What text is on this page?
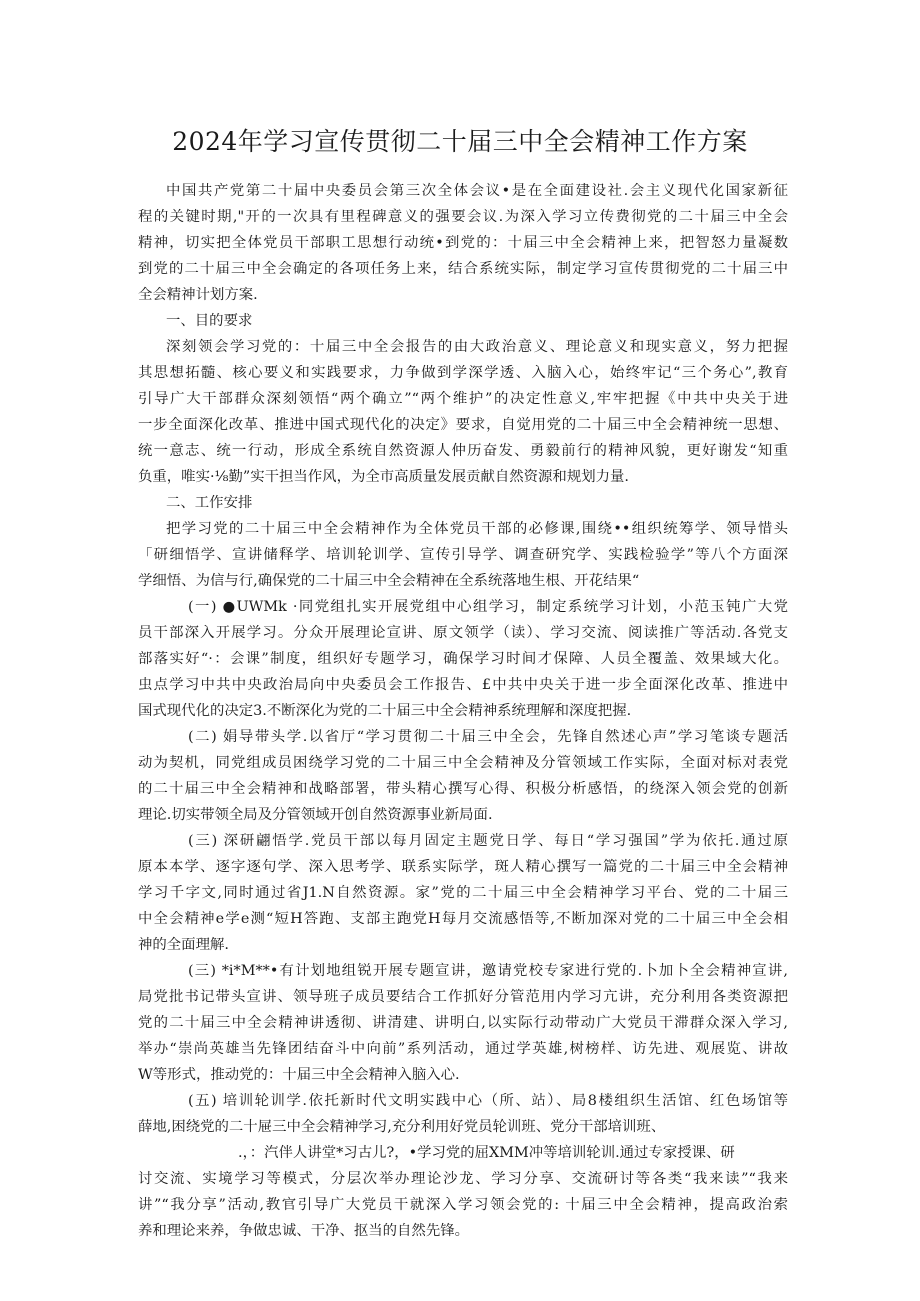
2024年学习宣传贯彻二十届三中全会精神工作方案
中国共产党第二十届中央委员会第三次全体会议•是在全面建设社.会主义现代化国家新征
程的关键时期,"开的一次具有里程碑意义的强要会议.为深入学习立传费彻党的二十届三中全会
精神，切实把全体党员干部职工思想行动统•到党的：十届三中全会精神上来，把智怒力量凝数
到党的二十届三中全会确定的各项任务上来，结合系统实际，制定学习宣传贯彻党的二十届三中
全会精神计划方案.
一、目的要求
深刻领会学习党的：十届三中全会报告的由大政治意义、理论意义和现实意义，努力把握
其思想拓髓、核心要义和实践要求，力争做到学深学透、入脑入心，始终牢记“三个务心”,教育
引导广大干部群众深刻领悟“两个确立”“两个维护”的决定性意义,牢牢把握《中共中央关于进
一步全面深化改革、推进中国式现代化的决定》要求，自觉用党的二十届三中全会精神统一思想、
统一意志、统一行动，形成全系统自然资源人仲历奋发、勇毅前行的精神风貌，更好谢发“知重
负重，唯实·⅛勤”实干担当作风，为全市高质量发展贡献自然资源和规划力量.
二、工作安排
把学习党的二十届三中全会精神作为全体党员干部的必修课,围绕••组织统筹学、领导惜头
「研细悟学、宣讲储释学、培训轮训学、宣传引导学、调查研究学、实践检验学”等八个方面深
学细悟、为信与行,确保党的二十届三中全会精神在全系统落地生根、开花结果“
(一) ●UWMk ·同党组扎实开展党组中心组学习，制定系统学习计划，小范玉钝广大党
员干部深入开展学习。分众开展理论宣讲、原文领学（读）、学习交流、阅读推广等活动.各党支
部落实好“·：会课”制度，组织好专题学习，确保学习时间才保障、人员全覆盖、效果域大化。
虫点学习中共中央政治局向中央委员会工作报告、£中共中央关于进一步全面深化改革、推进中
国式现代化的决定3.不断深化为党的二十届三中全会精神系统理解和深度把握.
(二) 娟导带头学.以省厅“学习贯彻二十届三中全会，先锋自然述心声”学习笔谈专题活
动为契机，同党组成员困绕学习党的二十届三中全会精神及分管领域工作实际，全面对标对表党
的二十届三中全会精神和战略部署，带头精心撰写心得、积极分析感悟，的绕深入领会党的创新
理论.切实带领全局及分管领域开创自然资源事业新局面.
(三) 深研翩悟学.党员干部以每月固定主题党日学、每日“学习强国”学为依托.通过原
原本本学、逐字逐句学、深入思考学、联系实际学，斑人精心撰写一篇党的二十届三中全会精神
学习千字文,同时通过省J1.N自然资源。家”党的二十届三中全会精神学习平台、党的二十届三
中全会精神e学e测“短H答跑、支部主跑党H每月交流感悟等,不断加深对党的二十届三中全会相
神的全面理解.
(三) *i*M**•有计划地组锐开展专题宣讲，邀请党校专家进行党的.卜加卜全会精神宣讲,
局党批书记带头宣讲、领导班子成员要结合工作抓好分管范用内学习亢讲，充分利用各类资源把
党的二十届三中全会精神讲透彻、讲清建、讲明白,以实际行动带动广大党员干滞群众深入学习,
举办“崇尚英雄当先锋团结奋斗中向前”系列活动，通过学英雄,树榜样、访先进、观展览、讲故
W等形式，推动党的：十届三中全会精神入脑入心.
(五) 培训轮训学.依托新时代文明实践中心（所、站）、局8楼组织生活馆、红色场馆等
薛地,困绕党的二十屉三中全会精神学习,充分利用好党员轮训班、党分干部培训班、
.，：汽伴人讲堂*习古儿?，•学习党的屈XMM冲等培训轮训.通过专家授课、研
讨交流、实境学习等模式，分层次举办理论沙龙、学习分享、交流研讨等各类“我来读”“我来
讲”“我分享”活动,教官引导广大党员干就深入学习领会党的: 十届三中全会精神，提高政治索
养和理论来养，争做忠诚、干净、抠当的自然先锋。
